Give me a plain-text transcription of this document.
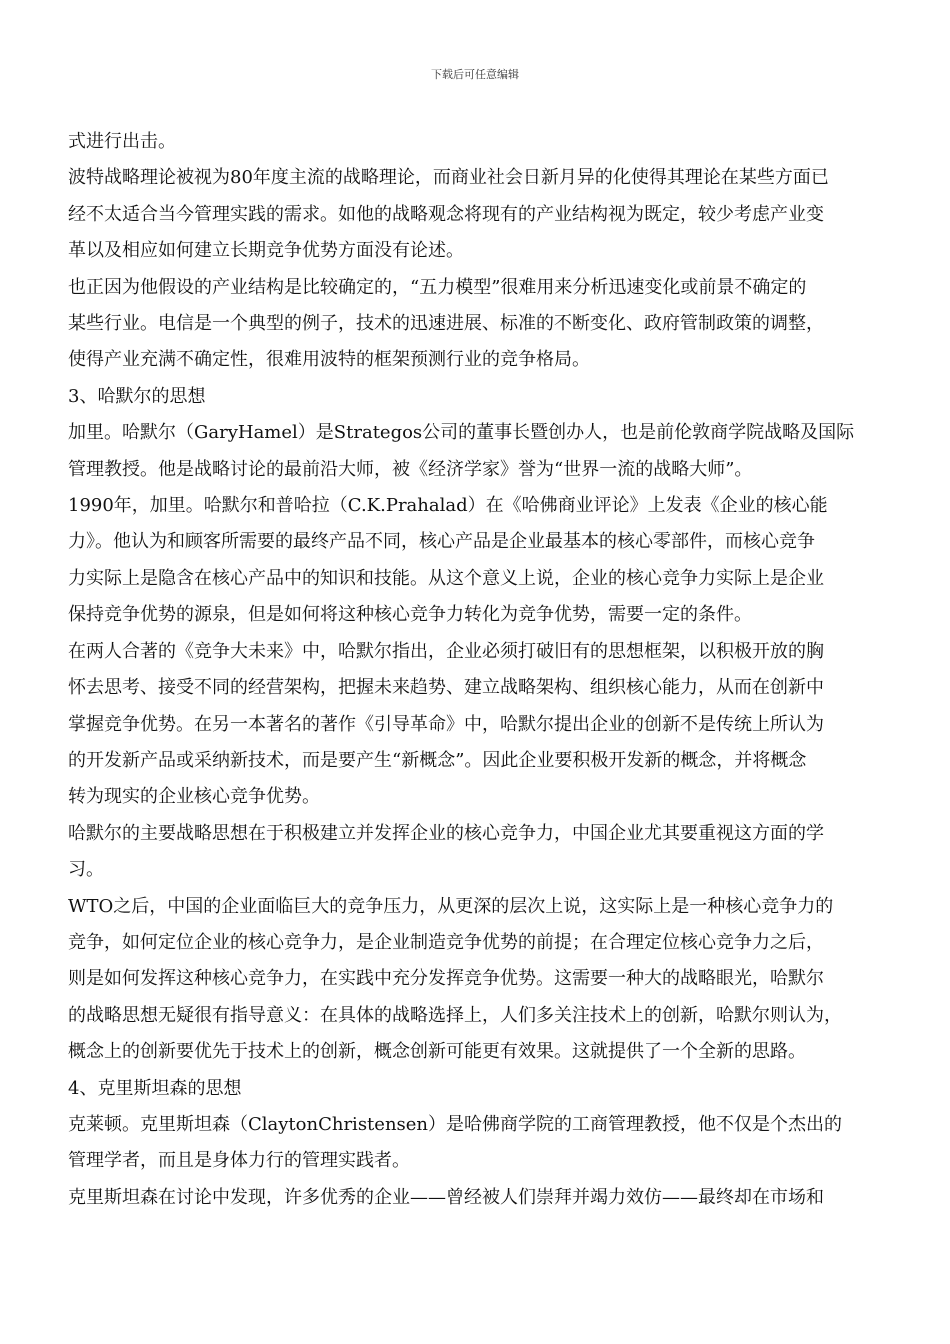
下载后可任意编辑
式进行出击。
波特战略理论被视为80年度主流的战略理论，而商业社会日新月异的化使得其理论在某些方面已
经不太适合当今管理实践的需求。如他的战略观念将现有的产业结构视为既定，较少考虑产业变
革以及相应如何建立长期竞争优势方面没有论述。
也正因为他假设的产业结构是比较确定的，“五力模型”很难用来分析迅速变化或前景不确定的
某些行业。电信是一个典型的例子，技术的迅速进展、标准的不断变化、政府管制政策的调整，
使得产业充满不确定性，很难用波特的框架预测行业的竞争格局。
3、哈默尔的思想
加里。哈默尔（GaryHamel）是Strategos公司的董事长暨创办人，也是前伦敦商学院战略及国际
管理教授。他是战略讨论的最前沿大师，被《经济学家》誉为“世界一流的战略大师”。
1990年，加里。哈默尔和普哈拉（C.K.Prahalad）在《哈佛商业评论》上发表《企业的核心能
力》。他认为和顾客所需要的最终产品不同，核心产品是企业最基本的核心零部件，而核心竞争
力实际上是隐含在核心产品中的知识和技能。从这个意义上说，企业的核心竞争力实际上是企业
保持竞争优势的源泉，但是如何将这种核心竞争力转化为竞争优势，需要一定的条件。
在两人合著的《竞争大未来》中，哈默尔指出，企业必须打破旧有的思想框架，以积极开放的胸
怀去思考、接受不同的经营架构，把握未来趋势、建立战略架构、组织核心能力，从而在创新中
掌握竞争优势。在另一本著名的著作《引导革命》中，哈默尔提出企业的创新不是传统上所认为
的开发新产品或采纳新技术，而是要产生“新概念”。因此企业要积极开发新的概念，并将概念
转为现实的企业核心竞争优势。
哈默尔的主要战略思想在于积极建立并发挥企业的核心竞争力，中国企业尤其要重视这方面的学
习。
WTO之后，中国的企业面临巨大的竞争压力，从更深的层次上说，这实际上是一种核心竞争力的
竞争，如何定位企业的核心竞争力，是企业制造竞争优势的前提；在合理定位核心竞争力之后，
则是如何发挥这种核心竞争力，在实践中充分发挥竞争优势。这需要一种大的战略眼光，哈默尔
的战略思想无疑很有指导意义：在具体的战略选择上，人们多关注技术上的创新，哈默尔则认为，
概念上的创新要优先于技术上的创新，概念创新可能更有效果。这就提供了一个全新的思路。
4、克里斯坦森的思想
克莱顿。克里斯坦森（ClaytonChristensen）是哈佛商学院的工商管理教授，他不仅是个杰出的
管理学者，而且是身体力行的管理实践者。
克里斯坦森在讨论中发现，许多优秀的企业——曾经被人们崇拜并竭力效仿——最终却在市场和
